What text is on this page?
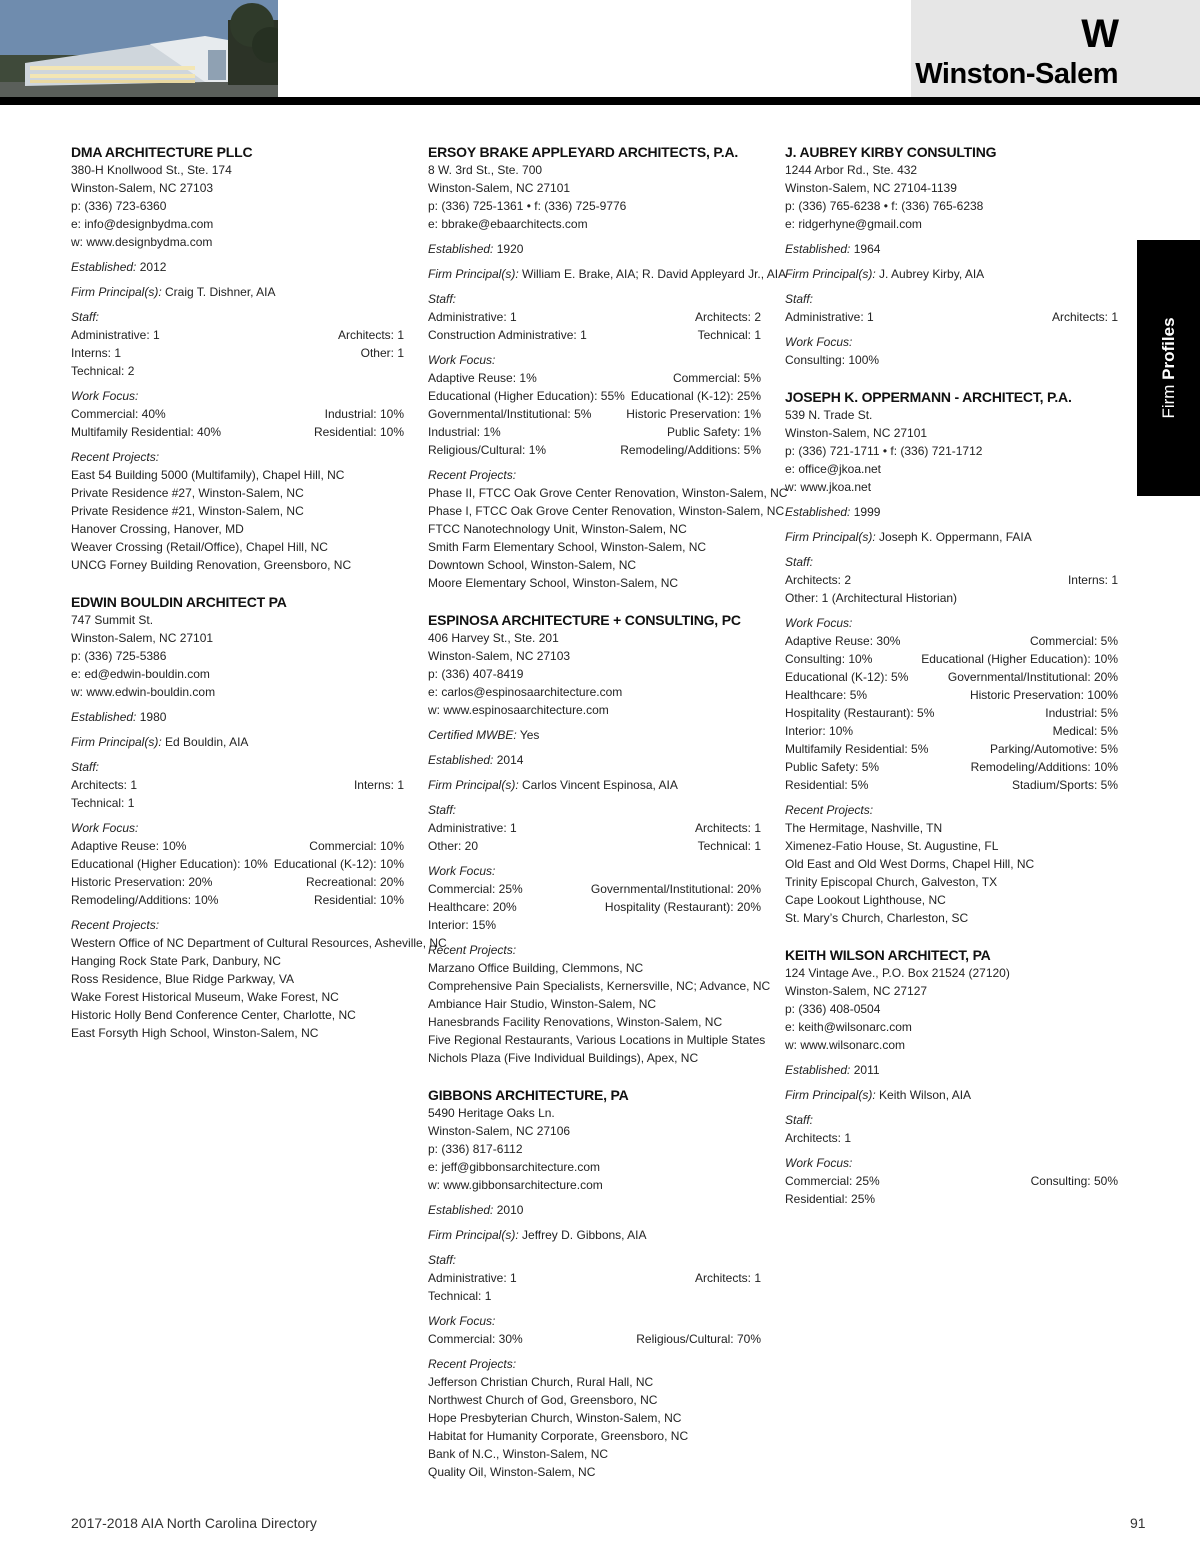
W
Winston-Salem
Firm Profiles
DMA ARCHITECTURE PLLC
380-H Knollwood St., Ste. 174
Winston-Salem, NC 27103
p: (336) 723-6360
e: info@designbydma.com
w: www.designbydma.com
Established: 2012
Firm Principal(s): Craig T. Dishner, AIA
Staff:
Administrative: 1	Architects: 1
Interns: 1	Other: 1
Technical: 2
Work Focus:
Commercial: 40%	Industrial: 10%
Multifamily Residential: 40%	Residential: 10%
Recent Projects:
East 54 Building 5000 (Multifamily), Chapel Hill, NC
Private Residence #27, Winston-Salem, NC
Private Residence #21, Winston-Salem, NC
Hanover Crossing, Hanover, MD
Weaver Crossing (Retail/Office), Chapel Hill, NC
UNCG Forney Building Renovation, Greensboro, NC
EDWIN BOULDIN ARCHITECT PA
747 Summit St.
Winston-Salem, NC 27101
p: (336) 725-5386
e: ed@edwin-bouldin.com
w: www.edwin-bouldin.com
Established: 1980
Firm Principal(s): Ed Bouldin, AIA
Staff:
Architects: 1	Interns: 1
Technical: 1
Work Focus:
Adaptive Reuse: 10%	Commercial: 10%
Educational (Higher Education): 10% Educational (K-12): 10%
Historic Preservation: 20%	Recreational: 20%
Remodeling/Additions: 10%	Residential: 10%
Recent Projects:
Western Office of NC Department of Cultural Resources, Asheville, NC
Hanging Rock State Park, Danbury, NC
Ross Residence, Blue Ridge Parkway, VA
Wake Forest Historical Museum, Wake Forest, NC
Historic Holly Bend Conference Center, Charlotte, NC
East Forsyth High School, Winston-Salem, NC
ERSOY BRAKE APPLEYARD ARCHITECTS, P.A.
8 W. 3rd St., Ste. 700
Winston-Salem, NC 27101
p: (336) 725-1361 • f: (336) 725-9776
e: bbrake@ebaarchitects.com
Established: 1920
Firm Principal(s): William E. Brake, AIA; R. David Appleyard Jr., AIA
Staff:
Administrative: 1	Architects: 2
Construction Administrative: 1	Technical: 1
Work Focus:
Adaptive Reuse: 1%	Commercial: 5%
Educational (Higher Education): 55% Educational (K-12): 25%
Governmental/Institutional: 5%	Historic Preservation: 1%
Industrial: 1%	Public Safety: 1%
Religious/Cultural: 1%	Remodeling/Additions: 5%
Recent Projects:
Phase II, FTCC Oak Grove Center Renovation, Winston-Salem, NC
Phase I, FTCC Oak Grove Center Renovation, Winston-Salem, NC
FTCC Nanotechnology Unit, Winston-Salem, NC
Smith Farm Elementary School, Winston-Salem, NC
Downtown School, Winston-Salem, NC
Moore Elementary School, Winston-Salem, NC
ESPINOSA ARCHITECTURE + CONSULTING, PC
406 Harvey St., Ste. 201
Winston-Salem, NC 27103
p: (336) 407-8419
e: carlos@espinosaarchitecture.com
w: www.espinosaarchitecture.com
Certified MWBE: Yes
Established: 2014
Firm Principal(s): Carlos Vincent Espinosa, AIA
Staff:
Administrative: 1	Architects: 1
Other: 20	Technical: 1
Work Focus:
Commercial: 25%	Governmental/Institutional: 20%
Healthcare: 20%	Hospitality (Restaurant): 20%
Interior: 15%
Recent Projects:
Marzano Office Building, Clemmons, NC
Comprehensive Pain Specialists, Kernersville, NC; Advance, NC
Ambiance Hair Studio, Winston-Salem, NC
Hanesbrands Facility Renovations, Winston-Salem, NC
Five Regional Restaurants, Various Locations in Multiple States
Nichols Plaza (Five Individual Buildings), Apex, NC
GIBBONS ARCHITECTURE, PA
5490 Heritage Oaks Ln.
Winston-Salem, NC 27106
p: (336) 817-6112
e: jeff@gibbonsarchitecture.com
w: www.gibbonsarchitecture.com
Established: 2010
Firm Principal(s): Jeffrey D. Gibbons, AIA
Staff:
Administrative: 1	Architects: 1
Technical: 1
Work Focus:
Commercial: 30%	Religious/Cultural: 70%
Recent Projects:
Jefferson Christian Church, Rural Hall, NC
Northwest Church of God, Greensboro, NC
Hope Presbyterian Church, Winston-Salem, NC
Habitat for Humanity Corporate, Greensboro, NC
Bank of N.C., Winston-Salem, NC
Quality Oil, Winston-Salem, NC
J. AUBREY KIRBY CONSULTING
1244 Arbor Rd., Ste. 432
Winston-Salem, NC 27104-1139
p: (336) 765-6238 • f: (336) 765-6238
e: ridgerhyne@gmail.com
Established: 1964
Firm Principal(s): J. Aubrey Kirby, AIA
Staff:
Administrative: 1	Architects: 1
Work Focus:
Consulting: 100%
JOSEPH K. OPPERMANN - ARCHITECT, P.A.
539 N. Trade St.
Winston-Salem, NC 27101
p: (336) 721-1711 • f: (336) 721-1712
e: office@jkoa.net
w: www.jkoa.net
Established: 1999
Firm Principal(s): Joseph K. Oppermann, FAIA
Staff:
Architects: 2	Interns: 1
Other: 1 (Architectural Historian)
Work Focus:
Adaptive Reuse: 30%	Commercial: 5%
Consulting: 10%	Educational (Higher Education): 10%
Educational (K-12): 5%	Governmental/Institutional: 20%
Healthcare: 5%	Historic Preservation: 100%
Hospitality (Restaurant): 5%	Industrial: 5%
Interior: 10%	Medical: 5%
Multifamily Residential: 5%	Parking/Automotive: 5%
Public Safety: 5%	Remodeling/Additions: 10%
Residential: 5%	Stadium/Sports: 5%
Recent Projects:
The Hermitage, Nashville, TN
Ximenez-Fatio House, St. Augustine, FL
Old East and Old West Dorms, Chapel Hill, NC
Trinity Episcopal Church, Galveston, TX
Cape Lookout Lighthouse, NC
St. Mary’s Church, Charleston, SC
KEITH WILSON ARCHITECT, PA
124 Vintage Ave., P.O. Box 21524 (27120)
Winston-Salem, NC 27127
p: (336) 408-0504
e: keith@wilsonarc.com
w: www.wilsonarc.com
Established: 2011
Firm Principal(s): Keith Wilson, AIA
Staff:
Architects: 1
Work Focus:
Commercial: 25%	Consulting: 50%
Residential: 25%
2017-2018 AIA North Carolina Directory	91
